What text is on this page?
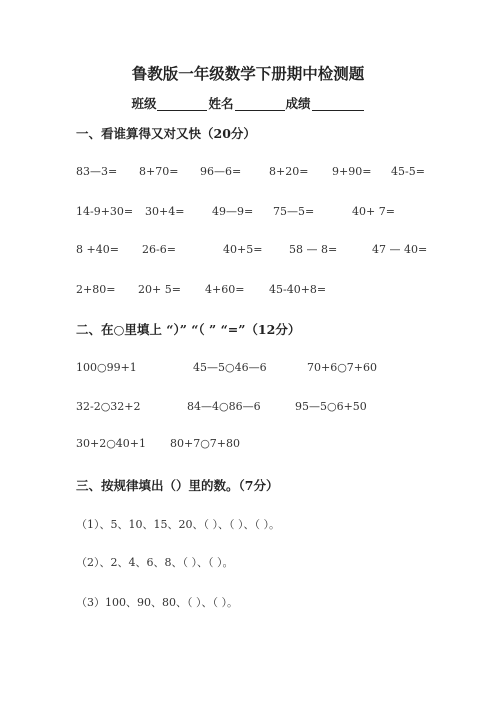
鲁教版一年级数学下册期中检测题
班级	姓名	成绩
一、看谁算得又对又快（20分）
83—3= 8+70= 96—6=	8+20= 9+90= 45-5=
14-9+30= 30+4=	49—9= 75—5=	40+ 7=
8 +40= 26-6=	40+5= 58 — 8=	47 — 40=
2+80= 20+ 5= 4+60= 45-40+8=
二、在○里填上 “）” “（ ” “=”（12分）
100○99+1	45—5○46—6	70+6○7+60
32-2○32+2	84—4○86—6	95—5○6+50
30+2○40+1 80+7○7+80
三、按规律填出（）里的数。（7分）
（1）、5、10、15、20、（ ）、（ ）、（ ）。
（2）、2、4、6、8、（ ）、（ ）。
（3）100、90、80、（ ）、（ ）。
